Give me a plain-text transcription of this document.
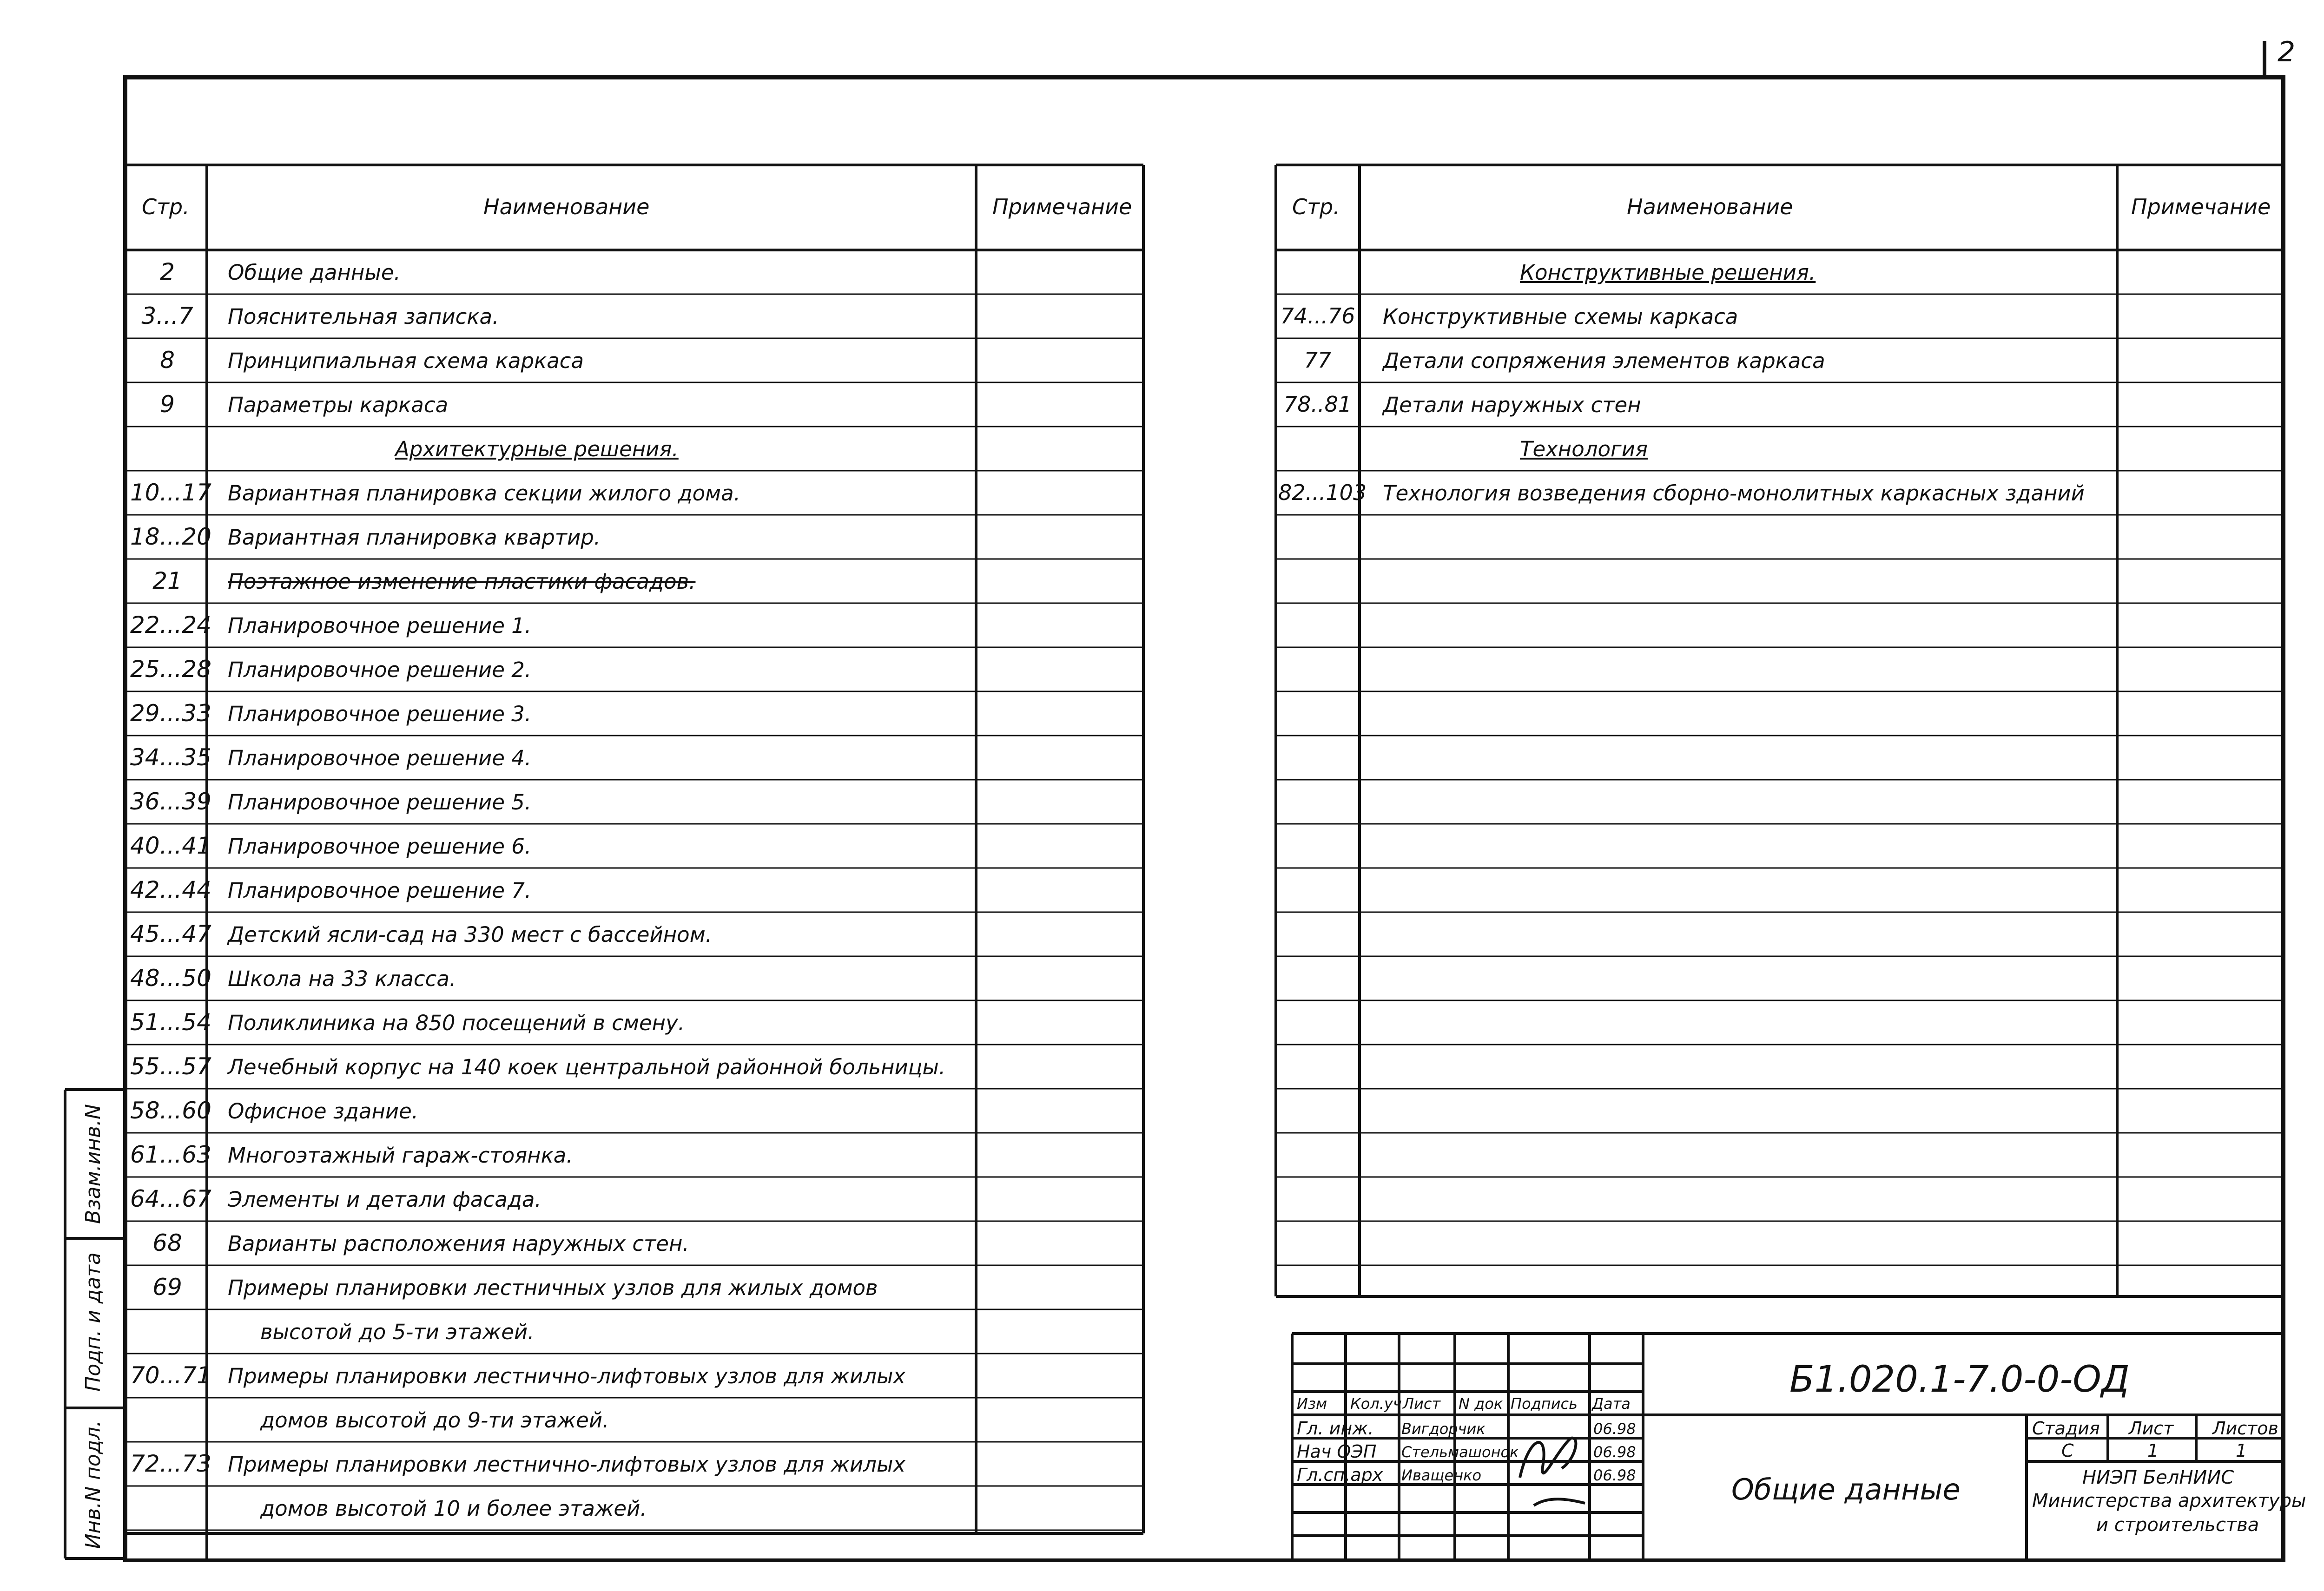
2
Стр.	Наименование	Примечание	Стр.	Наименование	Примечание
2	Общие данные.
3...7	Пояснительная записка.
8	Принципиальная схема каркаса
9	Параметры каркаса
Архитектурные решения.
10...17 Вариантная планировка секции жилого дома.
18...20 Вариантная планировка квартир.
21	Поэтажное изменение пластики фасадов.
22...24 Планировочное решение 1.
25...28 Планировочное решение 2.
29...33 Планировочное решение 3.
34...35 Планировочное решение 4.
36...39 Планировочное решение 5.
40...41 Планировочное решение 6.
42...44 Планировочное решение 7.
45...47 Детский ясли-сад на 330 мест с бассейном.
48...50 Школа на 33 класса.
51...54 Поликлиника на 850 посещений в смену.
55...57 Лечебный корпус на 140 коек центральной районной больницы.
58...60 Офисное здание.
61...63 Многоэтажный гараж-стоянка.
64...67 Элементы и детали фасада.
68	Варианты расположения наружных стен.
69	Примеры планировки лестничных узлов для жилых домов
высотой до 5-ти этажей.
70...71 Примеры планировки лестнично-лифтовых узлов для жилых
домов высотой до 9-ти этажей.
72...73 Примеры планировки лестнично-лифтовых узлов для жилых
домов высотой 10 и более этажей.
Конструктивные решения.
74...76 Конструктивные схемы каркаса
77	Детали сопряжения элементов каркаса
78..81 Детали наружных стен
Технология
82...103 Технология возведения сборно-монолитных каркасных зданий
Взам.инв.N
Подп. и дата
Инв.N подл.
Б1.020.1-7.0-0-ОД
Изм Кол.уч Лист N док Подпись Дата
Гл. инж. Вигдорчик	06.98
Нач ОЭП Стельмашонок	06.98
Гл.сп.арх Иващенко	06.98	Общие данные
Стадия Лист Листов
С	1	1
НИЭП БелНИИС
Министерства архитектуры
и строительства
